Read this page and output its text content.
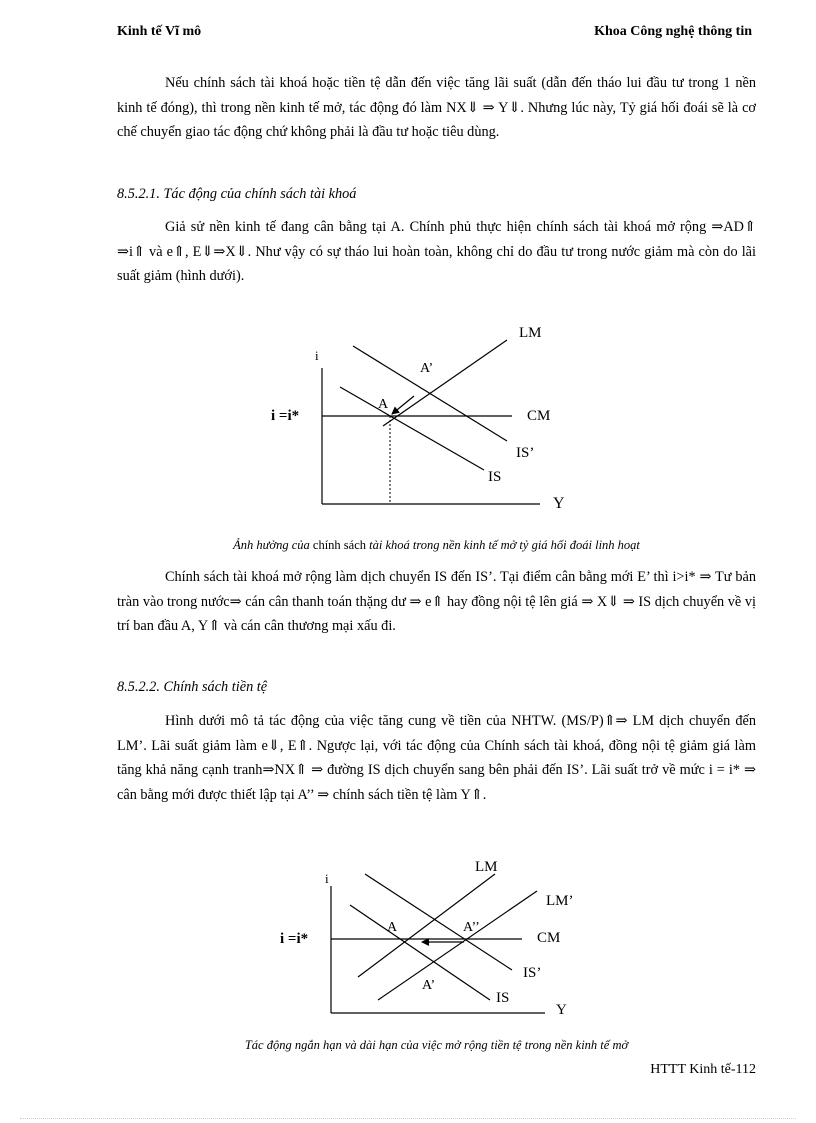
Kinh tế Vĩ mô	Khoa Công nghệ thông tin

Nếu chính sách tài khoá hoặc tiền tệ dẫn đến việc tăng lãi suất (dẫn đến tháo lui đầu tư trong 1 nền kinh tế đóng), thì trong nền kinh tế mở, tác động đó làm NX⇓ ⇒ Y⇓. Nhưng lúc này, Tỷ giá hối đoái sẽ là cơ chế chuyển giao tác động chứ không phải là đầu tư hoặc tiêu dùng.

8.5.2.1. Tác động của chính sách tài khoá

Giả sử nền kinh tế đang cân bằng tại A. Chính phủ thực hiện chính sách tài khoá mở rộng ⇒AD⇑ ⇒i⇑ và e⇑, E⇓⇒X⇓. Như vậy có sự tháo lui hoàn toàn, không chỉ do đầu tư trong nước giảm mà còn do lãi suất giảm (hình dưới).

i
Y
i =i*
LM
CM
IS’
IS
A
A’

Ảnh hưởng của chính sách tài khoá trong nền kinh tế mở tỷ giá hối đoái linh hoạt

Chính sách tài khoá mở rộng làm dịch chuyển IS đến IS’. Tại điểm cân bằng mới E’ thì i>i* ⇒ Tư bản tràn vào trong nước⇒ cán cân thanh toán thặng dư ⇒ e⇑ hay đồng nội tệ lên giá ⇒ X⇓ ⇒ IS dịch chuyển về vị trí ban đầu A, Y⇑ và cán cân thương mại xấu đi.

8.5.2.2. Chính sách tiền tệ

Hình dưới mô tả tác động của việc tăng cung về tiền của NHTW. (MS/P)⇑⇒ LM dịch chuyển đến LM’. Lãi suất giảm làm e⇓, E⇑. Ngược lại, với tác động của Chính sách tài khoá, đồng nội tệ giảm giá làm tăng khả năng cạnh tranh⇒NX⇑ ⇒ đường IS dịch chuyển sang bên phải đến IS’. Lãi suất trở về mức i = i* ⇒ cân bằng mới được thiết lập tại A’’ ⇒ chính sách tiền tệ làm Y⇑.

i
Y
i =i*
LM
LM’
CM
IS’
IS
A	A’’
A’

Tác động ngắn hạn và dài hạn của việc mở rộng tiền tệ trong nền kinh tế mở

HTTT Kinh tế-112
